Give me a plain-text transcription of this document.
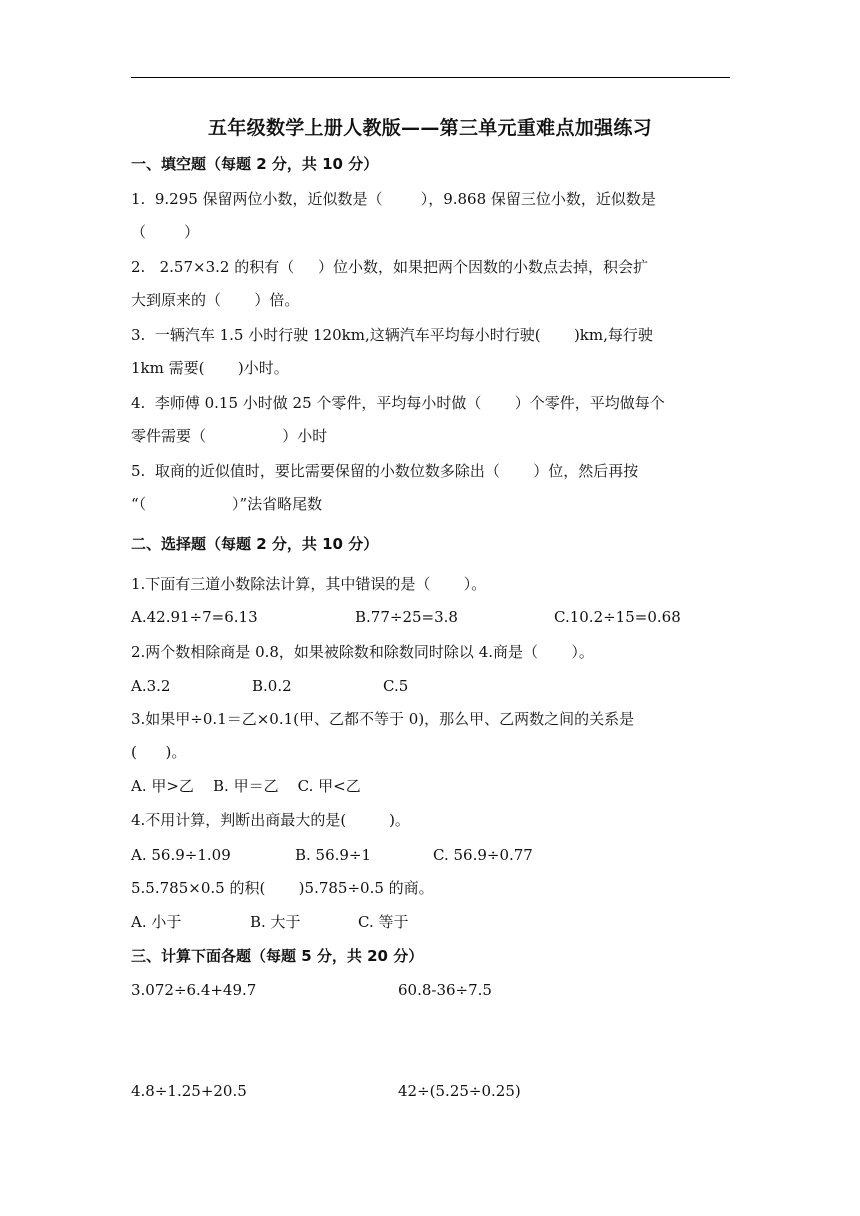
五年级数学上册人教版——第三单元重难点加强练习
一、填空题（每题 2 分，共 10 分）
1.  9.295 保留两位小数，近似数是（        ），9.868 保留三位小数，近似数是
（        ）
2.   2.57×3.2 的积有（     ）位小数，如果把两个因数的小数点去掉，积会扩
大到原来的（       ）倍。
3.  一辆汽车 1.5 小时行驶 120km,这辆汽车平均每小时行驶(       )km,每行驶
1km 需要(       )小时。
4.  李师傅 0.15 小时做 25 个零件，平均每小时做（       ）个零件，平均做每个
零件需要（                ）小时
5.  取商的近似值时，要比需要保留的小数位数多除出（       ）位，然后再按
“（                  ）”法省略尾数
二、选择题（每题 2 分，共 10 分）
1.下面有三道小数除法计算，其中错误的是（       ）。
A.42.91÷7=6.13	B.77÷25=3.8	C.10.2÷15=0.68
2.两个数相除商是 0.8，如果被除数和除数同时除以 4.商是（       ）。
A.3.2	B.0.2	C.5
3.如果甲÷0.1＝乙×0.1(甲、乙都不等于 0)，那么甲、乙两数之间的关系是
(      )。
A. 甲>乙    B. 甲＝乙    C. 甲<乙
4.不用计算，判断出商最大的是(         )。
A. 56.9÷1.09	B. 56.9÷1	C. 56.9÷0.77
5.5.785×0.5 的积(       )5.785÷0.5 的商。
A. 小于	B. 大于	C. 等于
三、计算下面各题（每题 5 分，共 20 分）
3.072÷6.4+49.7	60.8-36÷7.5
4.8÷1.25+20.5	42÷(5.25÷0.25)
